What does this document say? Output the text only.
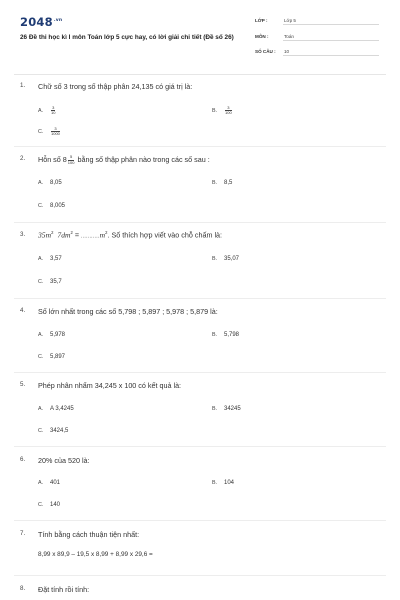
$2048^{.vn}$
26 Đề thi học kì I môn Toán lớp 5 cực hay, có lời giải chi tiết (Đề số 26)
LỚP :	Lớp 5
MÔN :	Toán
SỐ CÂU : 10
1. Chữ số 3 trong số thập phân 24,135 có giá trị là:
A. $\frac{3}{10}$	B. $\frac{3}{100}$
C. $\frac{3}{1000}$
2. Hỗn số $8 \frac{5}{100}$ bằng số thập phân nào trong các số sau :
A. 8,05	B. 8,5
C. 8,005
3. $35m^2$ $7dm^2 = ...........m^2$. Số thích hợp viết vào chỗ chấm là:
A. 3,57	B. 35,07
C. 35,7
4. Số lớn nhất trong các số 5,798 ; 5,897 ; 5,978 ; 5,879 là:
A. 5,978	B. 5,798
C. 5,897
5. Phép nhân nhẩm 34,245 x 100 có kết quả là:
A. A 3,4245	B. 34245
C. 3424,5
6. 20% của 520 là:
A. 401	B. 104
C. 140
7. Tính bằng cách thuận tiện nhất:
8,99 x 89,9 – 19,5 x 8,99 + 8,99 x 29,6 =
8. Đặt tính rồi tính:
